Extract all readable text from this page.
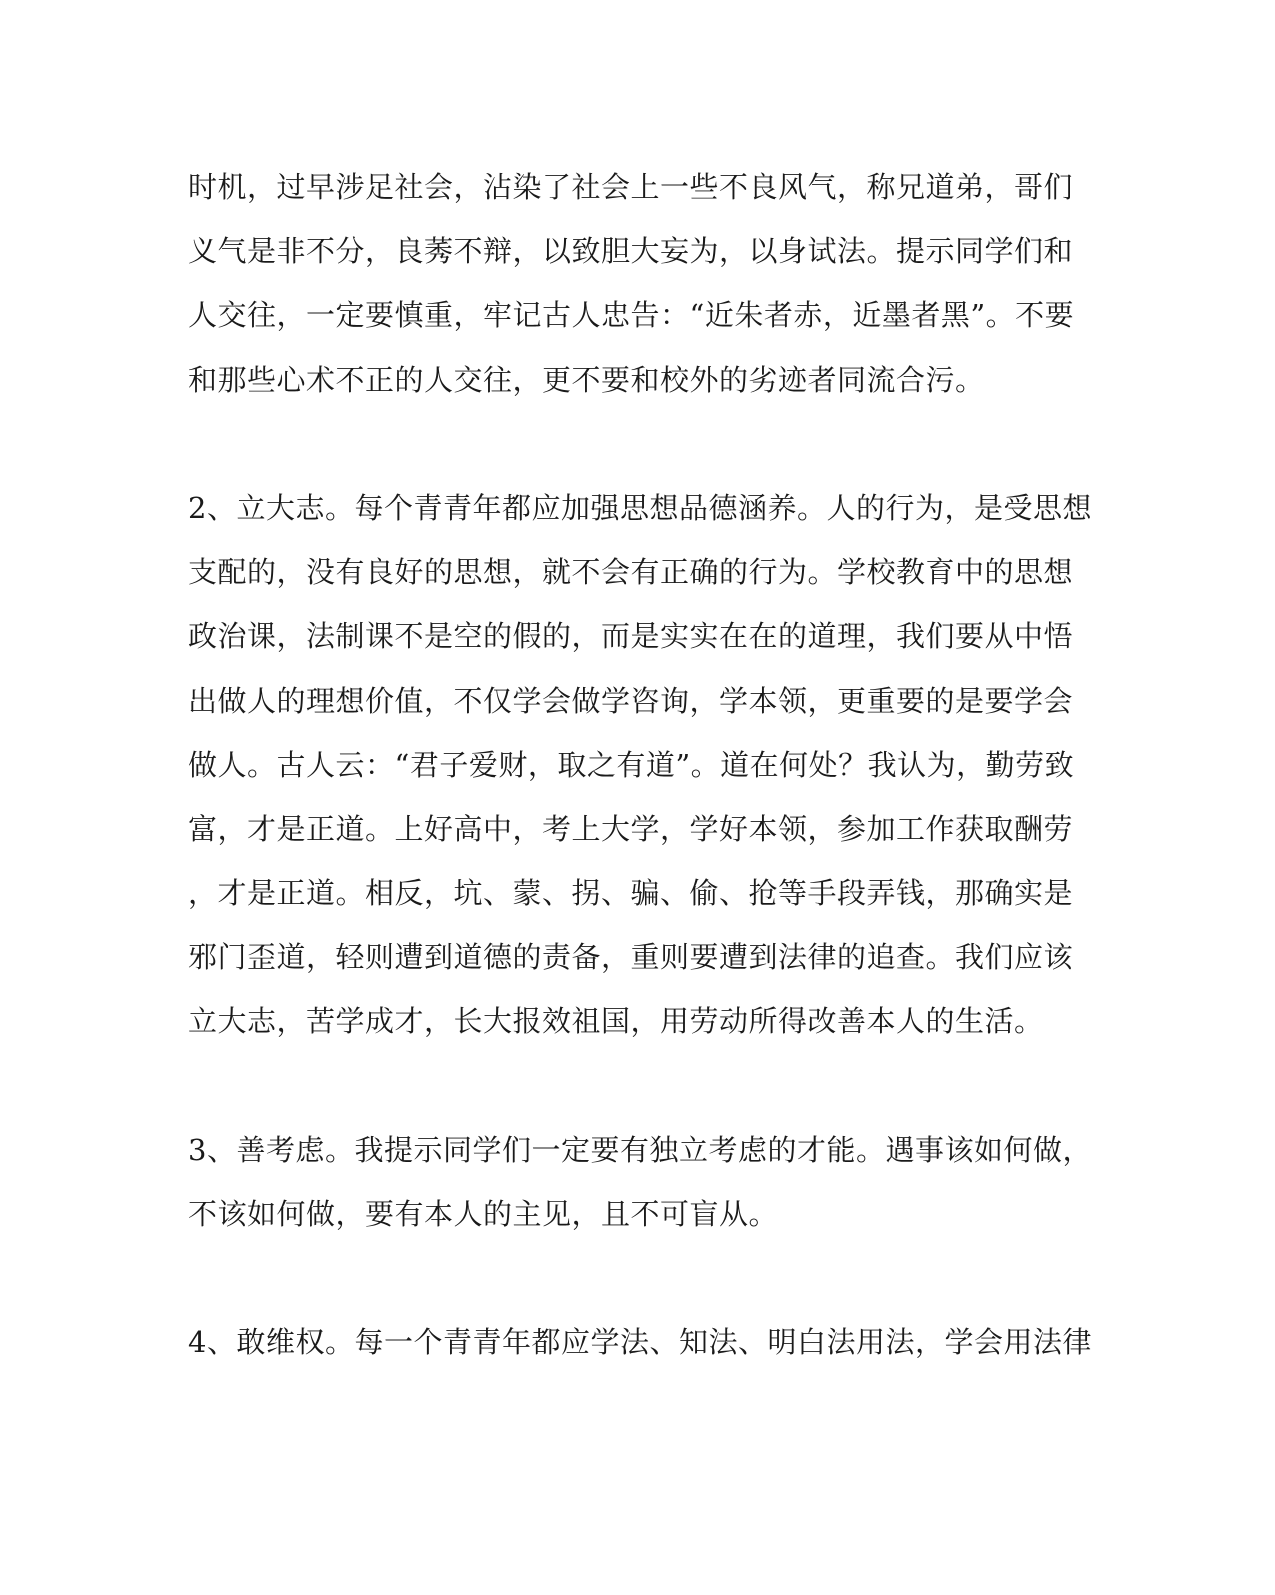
时机，过早涉足社会，沾染了社会上一些不良风气，称兄道弟，哥们
义气是非不分，良莠不辩，以致胆大妄为，以身试法。提示同学们和
人交往，一定要慎重，牢记古人忠告：“近朱者赤，近墨者黑”。不要
和那些心术不正的人交往，更不要和校外的劣迹者同流合污。
2、立大志。每个青青年都应加强思想品德涵养。人的行为，是受思想
支配的，没有良好的思想，就不会有正确的行为。学校教育中的思想
政治课，法制课不是空的假的，而是实实在在的道理，我们要从中悟
出做人的理想价值，不仅学会做学咨询，学本领，更重要的是要学会
做人。古人云：“君子爱财，取之有道”。道在何处？我认为，勤劳致
富，才是正道。上好高中，考上大学，学好本领，参加工作获取酬劳
，才是正道。相反，坑、蒙、拐、骗、偷、抢等手段弄钱，那确实是
邪门歪道，轻则遭到道德的责备，重则要遭到法律的追查。我们应该
立大志，苦学成才，长大报效祖国，用劳动所得改善本人的生活。
3、善考虑。我提示同学们一定要有独立考虑的才能。遇事该如何做，
不该如何做，要有本人的主见，且不可盲从。
4、敢维权。每一个青青年都应学法、知法、明白法用法，学会用法律
